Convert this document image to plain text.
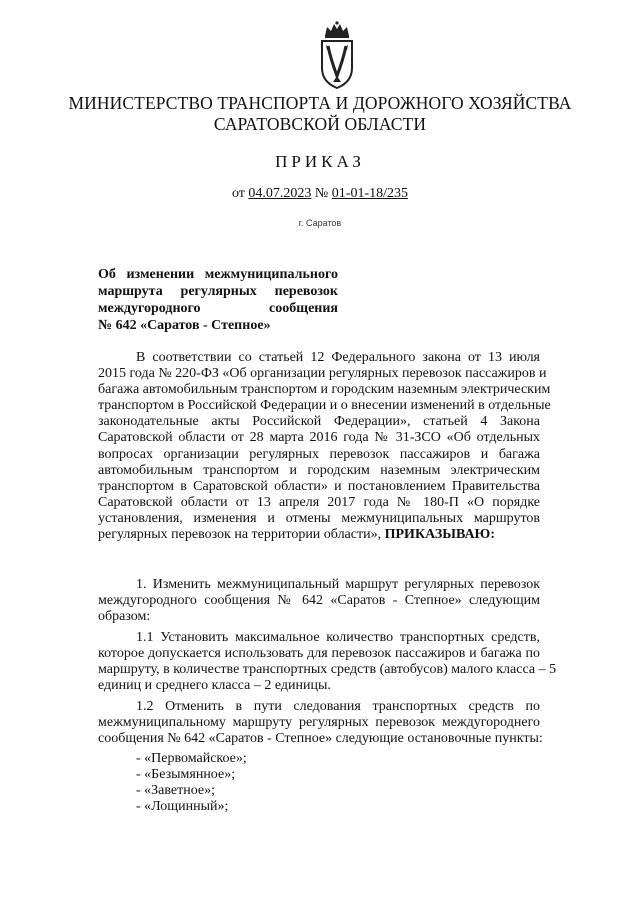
МИНИСТЕРСТВО ТРАНСПОРТА И ДОРОЖНОГО ХОЗЯЙСТВА
САРАТОВСКОЙ ОБЛАСТИ
ПРИКАЗ
от 04.07.2023 № 01-01-18/235
г. Саратов
Об изменении межмуниципального
маршрута регулярных перевозок
междугородного сообщения
№ 642 «Саратов - Степное»
В соответствии со статьей 12 Федерального закона от 13 июля
2015 года № 220-ФЗ «Об организации регулярных перевозок пассажиров и
багажа автомобильным транспортом и городским наземным электрическим
транспортом в Российской Федерации и о внесении изменений в отдельные
законодательные акты Российской Федерации», статьей 4 Закона
Саратовской области от 28 марта 2016 года № 31-ЗСО «Об отдельных
вопросах организации регулярных перевозок пассажиров и багажа
автомобильным транспортом и городским наземным электрическим
транспортом в Саратовской области» и постановлением Правительства
Саратовской области от 13 апреля 2017 года № 180-П «О порядке
установления, изменения и отмены межмуниципальных маршрутов
регулярных перевозок на территории области», ПРИКАЗЫВАЮ:
1. Изменить межмуниципальный маршрут регулярных перевозок
междугородного сообщения № 642 «Саратов - Степное» следующим
образом:
1.1 Установить максимальное количество транспортных средств,
которое допускается использовать для перевозок пассажиров и багажа по
маршруту, в количестве транспортных средств (автобусов) малого класса – 5
единиц и среднего класса – 2 единицы.
1.2 Отменить в пути следования транспортных средств по
межмуниципальному маршруту регулярных перевозок междугороднего
сообщения № 642 «Саратов - Степное» следующие остановочные пункты:
- «Первомайское»;
- «Безымянное»;
- «Заветное»;
- «Лощинный»;
